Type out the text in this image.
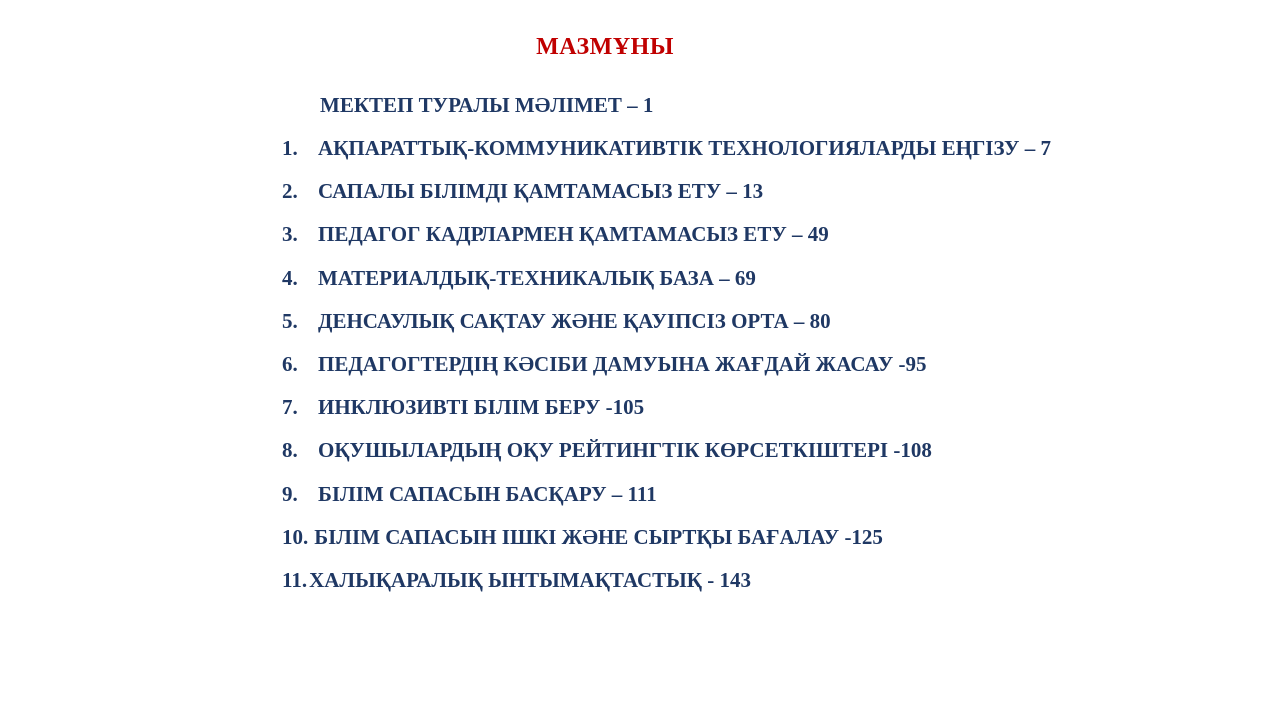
МАЗМҰНЫ
МЕКТЕП ТУРАЛЫ МӘЛІМЕТ – 1
1. АҚПАРАТТЫҚ-КОММУНИКАТИВТІК ТЕХНОЛОГИЯЛАРДЫ ЕҢГІЗУ – 7
2. САПАЛЫ БІЛІМДІ ҚАМТАМАСЫЗ ЕТУ – 13
3. ПЕДАГОГ КАДРЛАРМЕН ҚАМТАМАСЫЗ ЕТУ – 49
4. МАТЕРИАЛДЫҚ-ТЕХНИКАЛЫҚ БАЗА – 69
5. ДЕНСАУЛЫҚ САҚТАУ ЖӘНЕ ҚАУІПСІЗ ОРТА – 80
6. ПЕДАГОГТЕРДІҢ КӘСІБИ ДАМУЫНА ЖАҒДАЙ ЖАСАУ -95
7. ИНКЛЮЗИВТІ БІЛІМ БЕРУ -105
8. ОҚУШЫЛАРДЫҢ ОҚУ РЕЙТИНГТІК КӨРСЕТКІШТЕРІ -108
9. БІЛІМ САПАСЫН БАСҚАРУ – 111
10. БІЛІМ САПАСЫН ІШКІ ЖӘНЕ СЫРТҚЫ БАҒАЛАУ -125
11. ХАЛЫҚАРАЛЫҚ ЫНТЫМАҚТАСТЫҚ - 143
